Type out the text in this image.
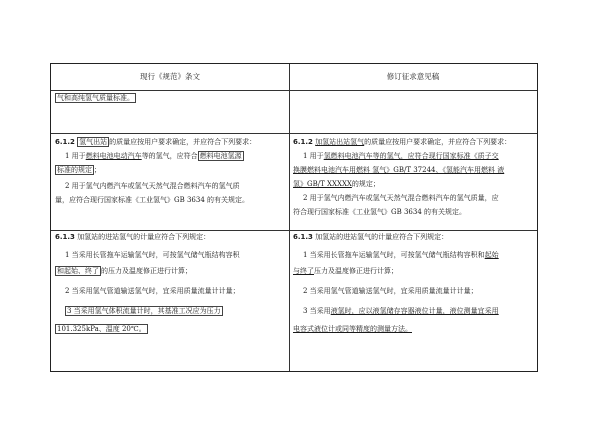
现行《规范》条文	修订征求意见稿

气和高纯氢气质量标准。

6.1.2 氢气出站 的质量应按用户要求确定，并应符合下列要求：

1 用于燃料电池电动汽车等的氢气，应符合 燃料电池氢源

标准的规定 ；

2 用于氢气内燃汽车或氢气天然气混合燃料汽车的氢气质

量，应符合现行国家标准《工业氢气》GB 3634 的有关规定。

6.1.2 加氢站出站氢气的质量应按用户要求确定，并应符合下列要求：

1 用于氢燃料电池汽车等的氢气，应符合现行国家标准《质子交

换膜燃料电池汽车用燃料 氢气》GB/T 37244、《氢能汽车用燃料 液

氢》GB/T XXXXX的规定；

2 用于氢气内燃汽车或氢气天然气混合燃料汽车的氢气质量，应

符合现行国家标准《工业氢气》GB 3634 的有关规定。

6.1.3 加氢站的进站氢气的计量应符合下列规定：

1 当采用长管拖车运输氢气时，可按氢气储气瓶结构容积

和起始、终了 的压力及温度修正进行计算；

2 当采用氢气管道输送氢气时，宜采用质量流量计计量；

3 当采用氢气体积流量计时，其基准工况应为压力

101.325kPa、温度 20℃。

6.1.3 加氢站的进站氢气的计量应符合下列规定：

1 当采用长管拖车运输氢气时，可按氢气储气瓶结构容积和起始

与终了压力及温度修正进行计算；

2 当采用氢气管道输送氢气时，宜采用质量流量计计量；

3 当采用液氢时，应以液氢储存容器液位计量，液位测量宜采用

电容式液位计或同等精度的测量方法。
